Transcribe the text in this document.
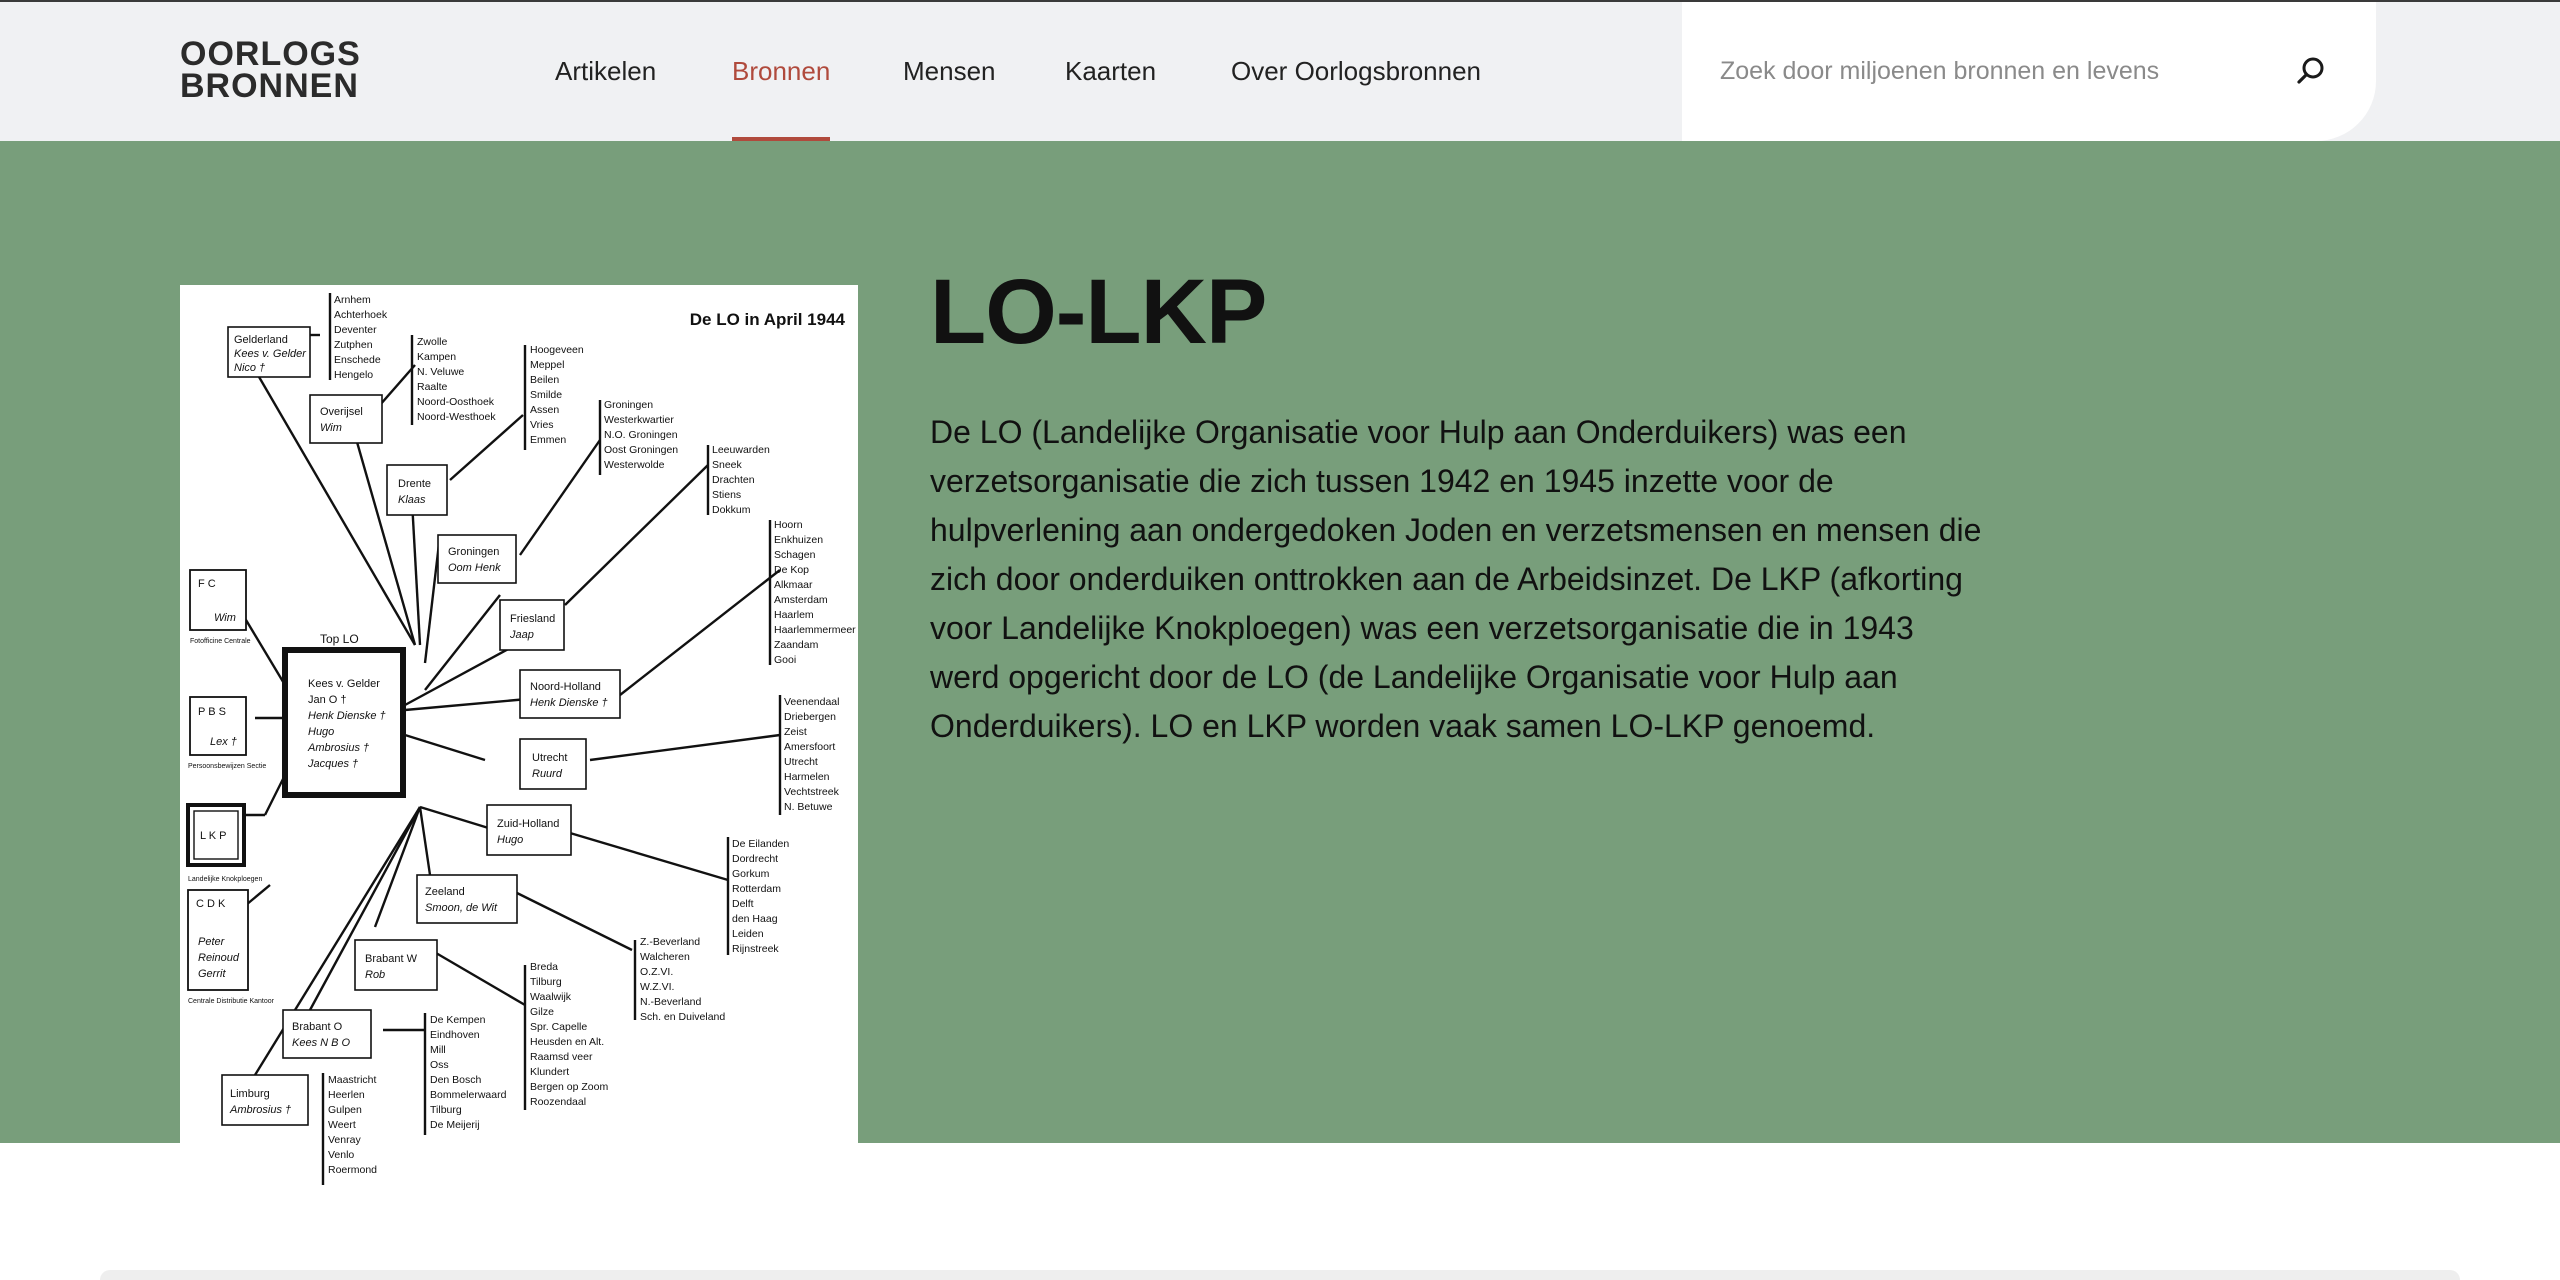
OORLOGS
BRONNEN	Artikelen	Bronnen	Mensen	Kaarten	Over Oorlogsbronnen
Zoek door miljoenen bronnen en levens
De LO in April 1944
Top LO
Kees v. Gelder
Jan O †
Henk Dienske †
Hugo
Ambrosius †
Jacques †
Gelderland
Kees v. Gelder
Nico †
Overijsel
Wim
Drente
Klaas
Groningen
Oom Henk
Friesland
Jaap
Noord-Holland
Henk Dienske †
Utrecht
Ruurd
Zuid-Holland
Hugo
Zeeland
Smoon, de Wit
Brabant W
Rob
Brabant O
Kees N B O
Limburg
Ambrosius †
F C
Wim
Fotofficine Centrale
P B S
Lex †
Persoonsbewijzen Sectie
L K P
Landelijke Knokploegen
C D K
Peter
Reinoud
Gerrit
Centrale Distributie Kantoor
Arnhem
Achterhoek
Deventer
Zutphen
Enschede
Hengelo
Zwolle
Kampen
N. Veluwe
Raalte
Noord-Oosthoek
Noord-Westhoek
Hoogeveen
Meppel
Beilen
Smilde
Assen
Vries
Emmen
Groningen
Westerkwartier
N.O. Groningen
Oost Groningen
Westerwolde
Leeuwarden
Sneek
Drachten
Stiens
Dokkum
Hoorn
Enkhuizen
Schagen
De Kop
Alkmaar
Amsterdam
Haarlem
Haarlemmermeer
Zaandam
Gooi
Veenendaal
Driebergen
Zeist
Amersfoort
Utrecht
Harmelen
Vechtstreek
N. Betuwe
De Eilanden
Dordrecht
Gorkum
Rotterdam
Delft
den Haag
Leiden
Rijnstreek
Z.-Beverland
Walcheren
O.Z.VI.
W.Z.VI.
N.-Beverland
Sch. en Duiveland
Breda
Tilburg
Waalwijk
Gilze
Spr. Capelle
Heusden en Alt.
Raamsd veer
Klundert
Bergen op Zoom
Roozendaal
De Kempen
Eindhoven
Mill
Oss
Den Bosch
Bommelerwaard
Tilburg
De Meijerij
Maastricht
Heerlen
Gulpen
Weert
Venray
Venlo
Roermond
LO-LKP

De LO (Landelijke Organisatie voor Hulp aan Onderduikers) was een verzetsorganisatie die zich tussen 1942 en 1945 inzette voor de hulpverlening aan ondergedoken Joden en verzetsmensen en mensen die zich door onderduiken onttrokken aan de Arbeidsinzet. De LKP (afkorting voor Landelijke Knokploegen) was een verzetsorganisatie die in 1943 werd opgericht door de LO (de Landelijke Organisatie voor Hulp aan Onderduikers). LO en LKP worden vaak samen LO-LKP genoemd.
